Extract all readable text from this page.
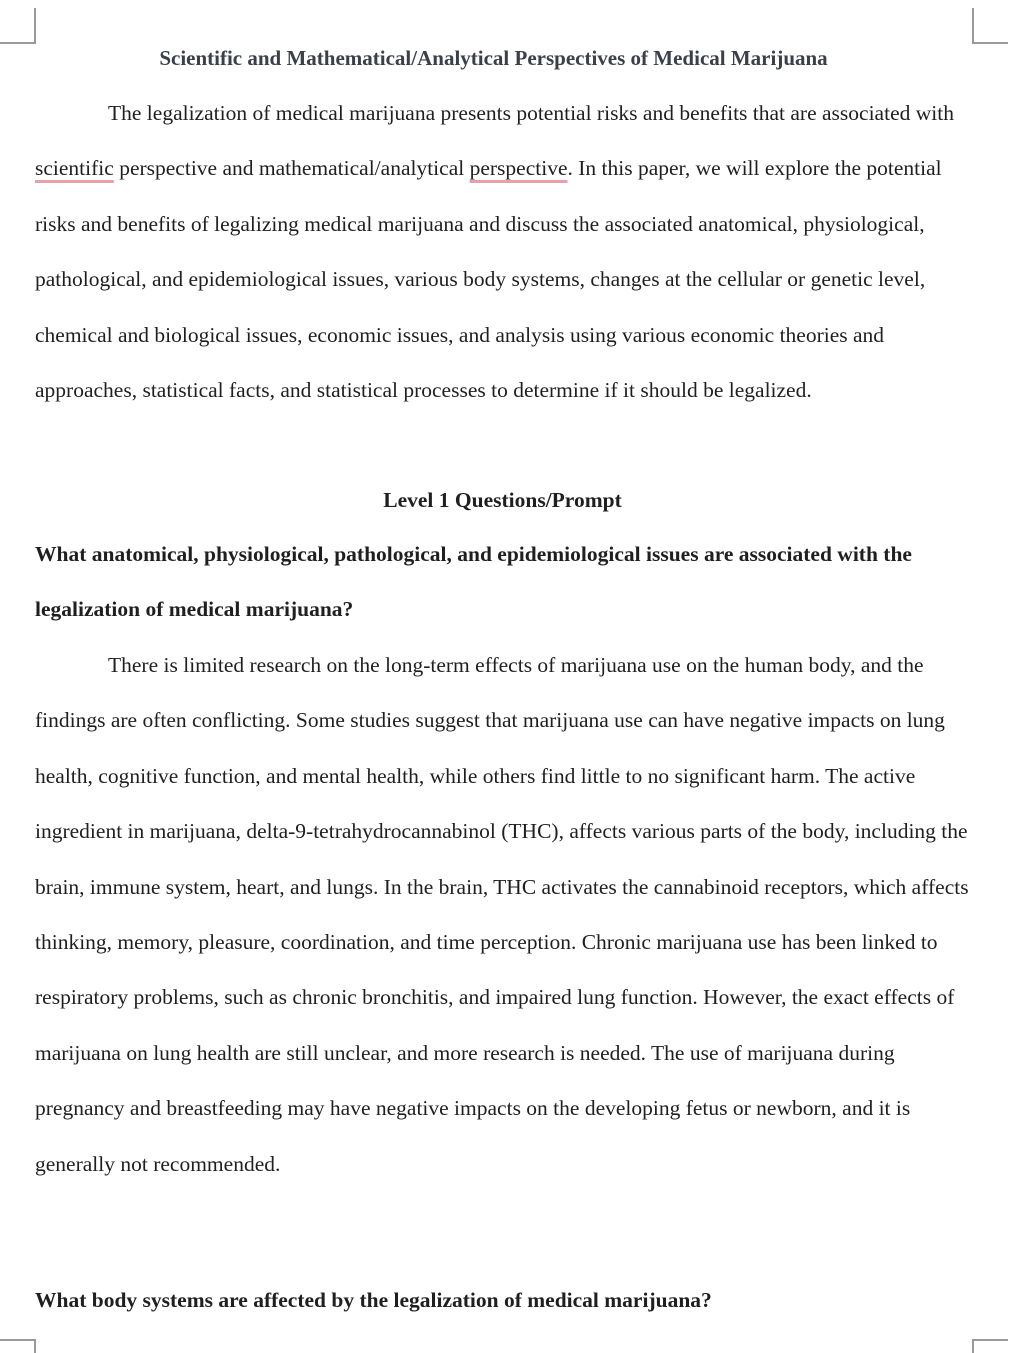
Scientific and Mathematical/Analytical Perspectives of Medical Marijuana

The legalization of medical marijuana presents potential risks and benefits that are associated with scientific perspective and mathematical/analytical perspective. In this paper, we will explore the potential risks and benefits of legalizing medical marijuana and discuss the associated anatomical, physiological, pathological, and epidemiological issues, various body systems, changes at the cellular or genetic level, chemical and biological issues, economic issues, and analysis using various economic theories and approaches, statistical facts, and statistical processes to determine if it should be legalized.

Level 1 Questions/Prompt

What anatomical, physiological, pathological, and epidemiological issues are associated with the legalization of medical marijuana?

There is limited research on the long-term effects of marijuana use on the human body, and the findings are often conflicting. Some studies suggest that marijuana use can have negative impacts on lung health, cognitive function, and mental health, while others find little to no significant harm. The active ingredient in marijuana, delta-9-tetrahydrocannabinol (THC), affects various parts of the body, including the brain, immune system, heart, and lungs. In the brain, THC activates the cannabinoid receptors, which affects thinking, memory, pleasure, coordination, and time perception. Chronic marijuana use has been linked to respiratory problems, such as chronic bronchitis, and impaired lung function. However, the exact effects of marijuana on lung health are still unclear, and more research is needed. The use of marijuana during pregnancy and breastfeeding may have negative impacts on the developing fetus or newborn, and it is generally not recommended.

What body systems are affected by the legalization of medical marijuana?
